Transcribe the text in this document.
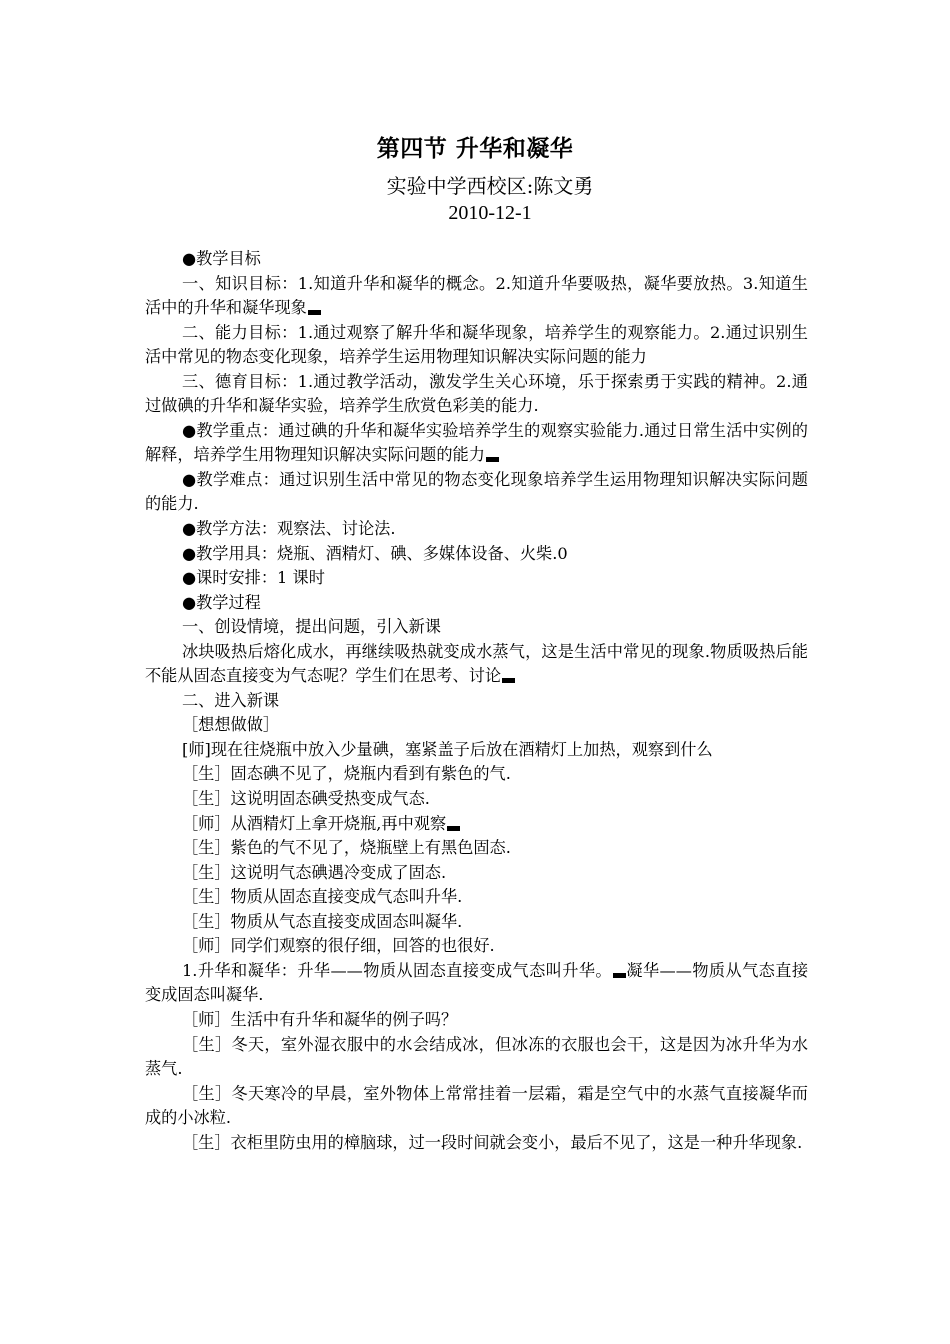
第四节 升华和凝华
实验中学西校区:陈文勇
2010-12-1

●教学目标

一、知识目标：1.知道升华和凝华的概念。2.知道升华要吸热，凝华要放热。3.知道生活中的升华和凝华现象

二、能力目标：1.通过观察了解升华和凝华现象，培养学生的观察能力。2.通过识别生活中常见的物态变化现象，培养学生运用物理知识解决实际问题的能力

三、德育目标：1.通过教学活动，激发学生关心环境，乐于探索勇于实践的精神。2.通过做碘的升华和凝华实验，培养学生欣赏色彩美的能力.

●教学重点：通过碘的升华和凝华实验培养学生的观察实验能力.通过日常生活中实例的解释，培养学生用物理知识解决实际问题的能力

●教学难点：通过识别生活中常见的物态变化现象培养学生运用物理知识解决实际问题的能力.

●教学方法：观察法、讨论法.

●教学用具：烧瓶、酒精灯、碘、多媒体设备、火柴.0

●课时安排：1 课时

●教学过程

一、创设情境，提出问题，引入新课

冰块吸热后熔化成水，再继续吸热就变成水蒸气，这是生活中常见的现象.物质吸热后能不能从固态直接变为气态呢？学生们在思考、讨论

二、进入新课

［想想做做］

[师]现在往烧瓶中放入少量碘，塞紧盖子后放在酒精灯上加热，观察到什么

［生］固态碘不见了，烧瓶内看到有紫色的气.

［生］这说明固态碘受热变成气态.

［师］从酒精灯上拿开烧瓶,再中观察

［生］紫色的气不见了，烧瓶壁上有黑色固态.

［生］这说明气态碘遇冷变成了固态.

［生］物质从固态直接变成气态叫升华.

［生］物质从气态直接变成固态叫凝华.

［师］同学们观察的很仔细，回答的也很好.

1.升华和凝华：升华——物质从固态直接变成气态叫升华。 凝华——物质从气态直接变成固态叫凝华.

［师］生活中有升华和凝华的例子吗？

［生］冬天，室外湿衣服中的水会结成冰，但冰冻的衣服也会干，这是因为冰升华为水蒸气.

［生］冬天寒冷的早晨，室外物体上常常挂着一层霜，霜是空气中的水蒸气直接凝华而成的小冰粒.

［生］衣柜里防虫用的樟脑球，过一段时间就会变小，最后不见了，这是一种升华现象.
